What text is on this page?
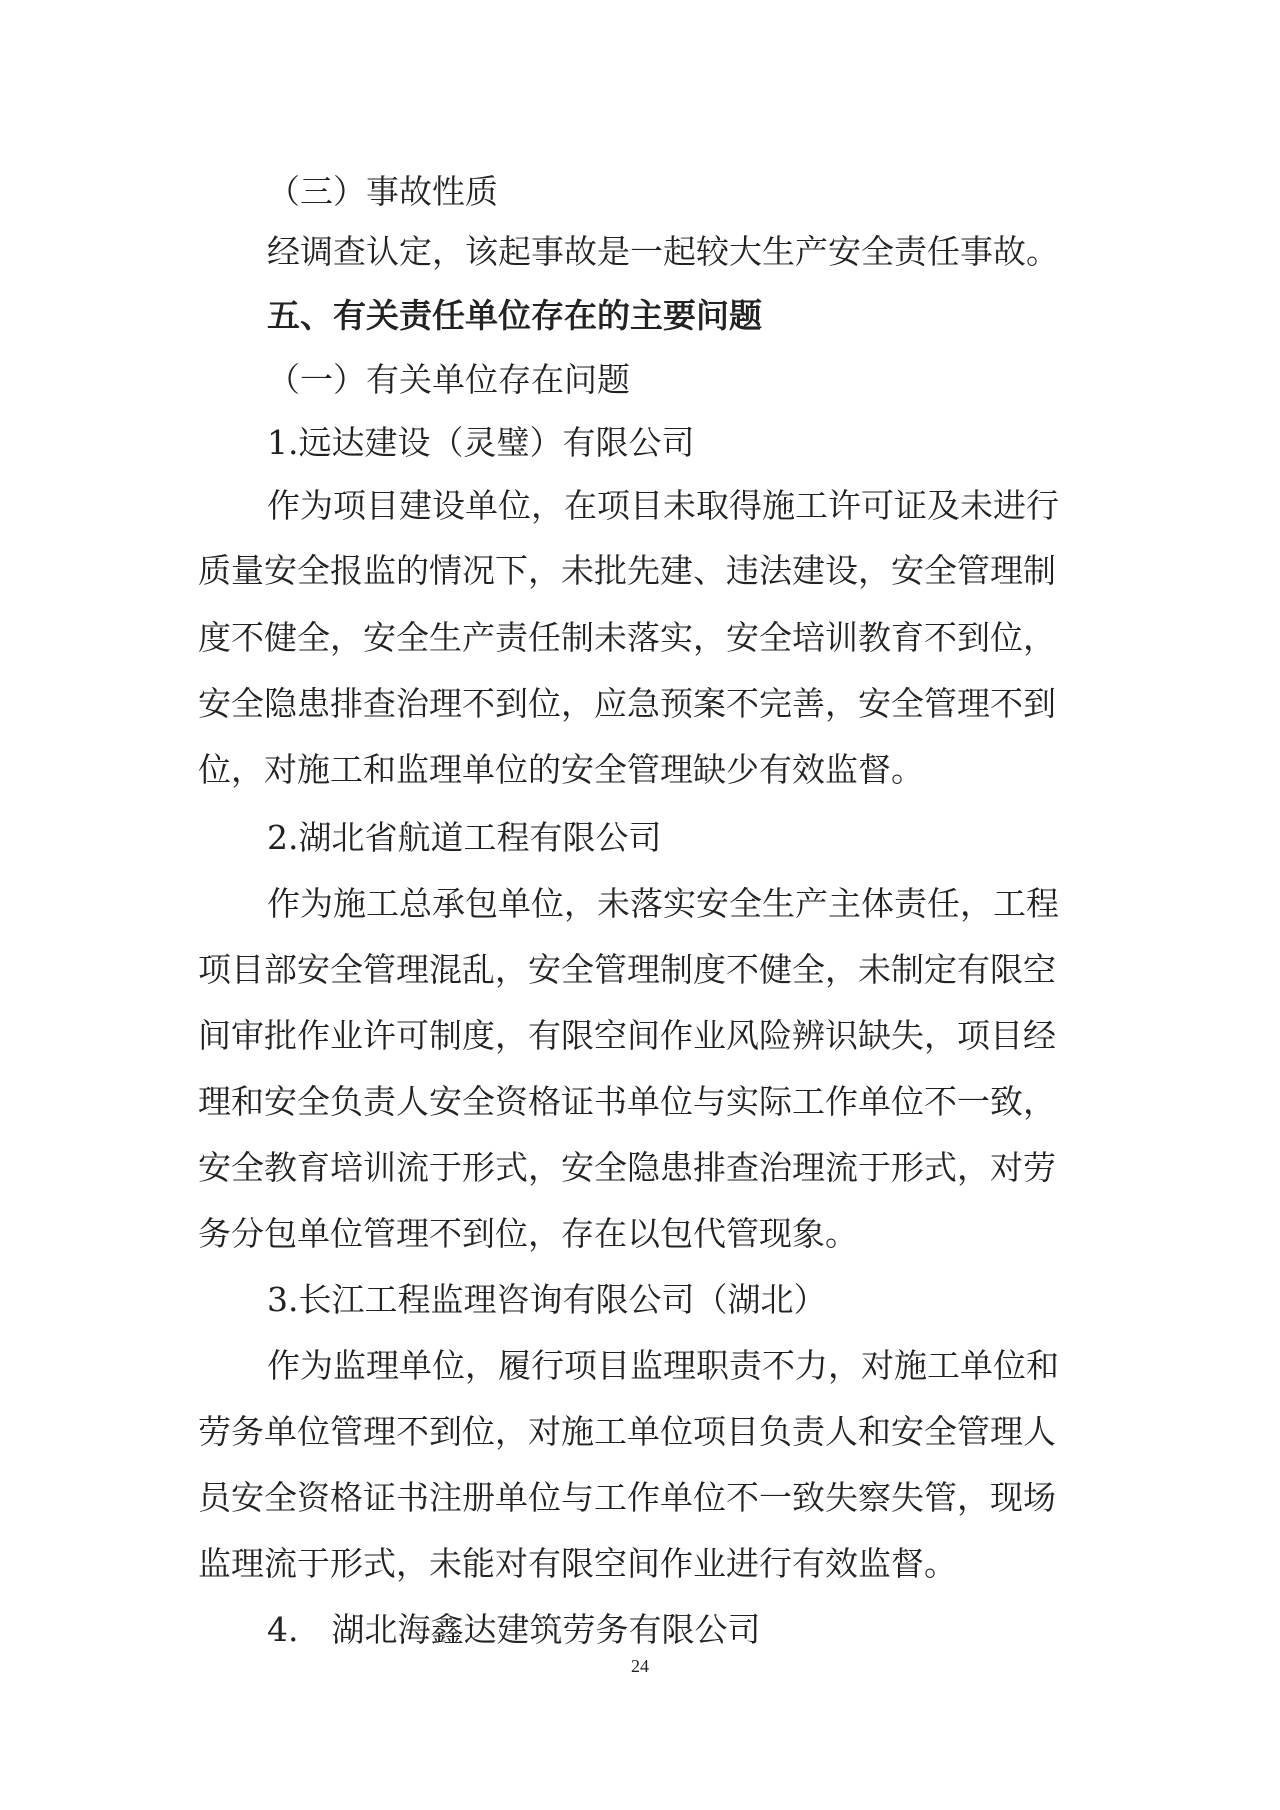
（三）事故性质
经调查认定，该起事故是一起较大生产安全责任事故。
五、有关责任单位存在的主要问题
（一）有关单位存在问题
1.远达建设（灵璧）有限公司
作为项目建设单位，在项目未取得施工许可证及未进行
质量安全报监的情况下，未批先建、违法建设，安全管理制
度不健全，安全生产责任制未落实，安全培训教育不到位，
安全隐患排查治理不到位，应急预案不完善，安全管理不到
位，对施工和监理单位的安全管理缺少有效监督。
2.湖北省航道工程有限公司
作为施工总承包单位，未落实安全生产主体责任，工程
项目部安全管理混乱，安全管理制度不健全，未制定有限空
间审批作业许可制度，有限空间作业风险辨识缺失，项目经
理和安全负责人安全资格证书单位与实际工作单位不一致，
安全教育培训流于形式，安全隐患排查治理流于形式，对劳
务分包单位管理不到位，存在以包代管现象。
3.长江工程监理咨询有限公司（湖北）
作为监理单位，履行项目监理职责不力，对施工单位和
劳务单位管理不到位，对施工单位项目负责人和安全管理人
员安全资格证书注册单位与工作单位不一致失察失管，现场
监理流于形式，未能对有限空间作业进行有效监督。
4.　湖北海鑫达建筑劳务有限公司
24
